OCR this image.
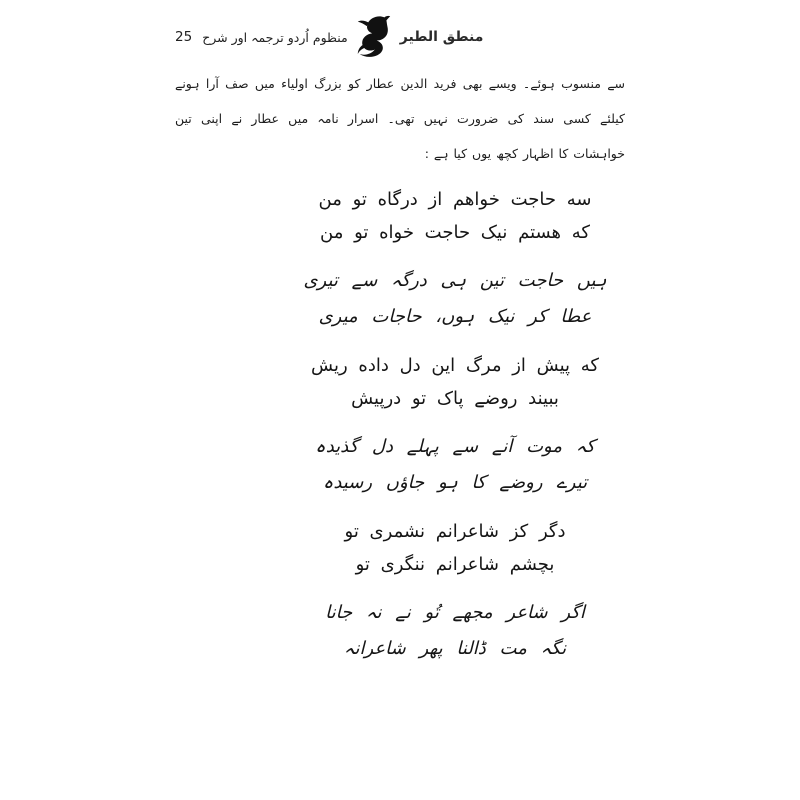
منطق الطیر
منظوم اُردو ترجمہ اور شرح
25

سے منسوب ہوئے۔ ویسے بھی فرید الدین عطار کو بزرگ اولیاء میں صف آرا ہونے کیلئے کسی سند کی ضرورت نہیں تھی۔ اسرار نامہ میں عطار نے اپنی تین خواہشات کا اظہار کچھ یوں کیا ہے :

سه حاجت خواهم از درگاه تو من
که هستم نیک حاجت خواه تو من
ہیں حاجت تین ہی درگہ سے تیری
عطا کر نیک ہوں، حاجات میری
که پیش از مرگ این دل داده ریش
ببیند روضے پاک تو درپیش
کہ موت آنے سے پہلے دل گذیدہ
تیرے روضے کا ہو جاؤں رسیدہ
دگر کز شاعرانم نشمری تو
بچشم شاعرانم ننگری تو
اگر شاعر مجھے تُو نے نہ جانا
نگہ مت ڈالنا پھر شاعرانہ
